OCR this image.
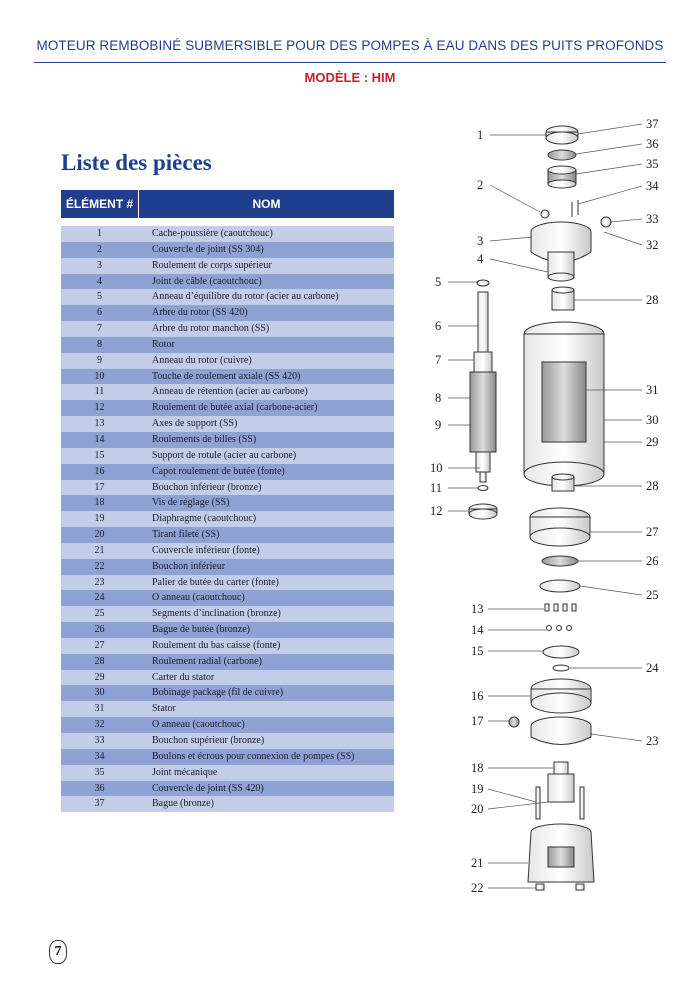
MOTEUR REMBOBINÉ SUBMERSIBLE POUR DES POMPES À EAU DANS DES PUITS PROFONDS
MODÈLE : HIM
Liste des pièces
ÉLÉMENT #	NOM
1	Cache-poussière (caoutchouc)
2	Couvercle de joint (SS 304)
3	Roulement de corps supérieur
4	Joint de câble (caoutchouc)
5	Anneau d’équilibre du rotor (acier au carbone)
6	Arbre du rotor (SS 420)
7	Arbre du rotor manchon (SS)
8	Rotor
9	Anneau du rotor (cuivre)
10	Touche de roulement axiale (SS 420)
11	Anneau de rétention (acier au carbone)
12	Roulement de butée axial (carbone-acier)
13	Axes de support (SS)
14	Roulements de billes (SS)
15	Support de rotule (acier au carbone)
16	Capot roulement de butée (fonte)
17	Bouchon inférieur (bronze)
18	Vis de réglage (SS)
19	Diaphragme (caoutchouc)
20	Tirant fileté (SS)
21	Couvercle inférieur (fonte)
22	Bouchon inférieur
23	Palier de butée du carter (fonte)
24	O anneau (caoutchouc)
25	Segments d’inclination (bronze)
26	Bague de butée (bronze)
27	Roulement du bas caisse (fonte)
28	Roulement radial (carbone)
29	Carter du stator
30	Bobinage package (fil de cuivre)
31	Stator
32	O anneau (caoutchouc)
33	Bouchon supérieur (bronze)
34	Boulons et écrous pour connexion de pompes (SS)
35	Joint mécanique
36	Couvercle de joint (SS 420)
37	Bague (bronze)
1
2
3
4
5
6
7
8
9
10
11
12
13
14
15
16
17
18
19
20
21
22
37
36
35
34
33
32
28
31
30
29
28
27
26
25
24
23
7
